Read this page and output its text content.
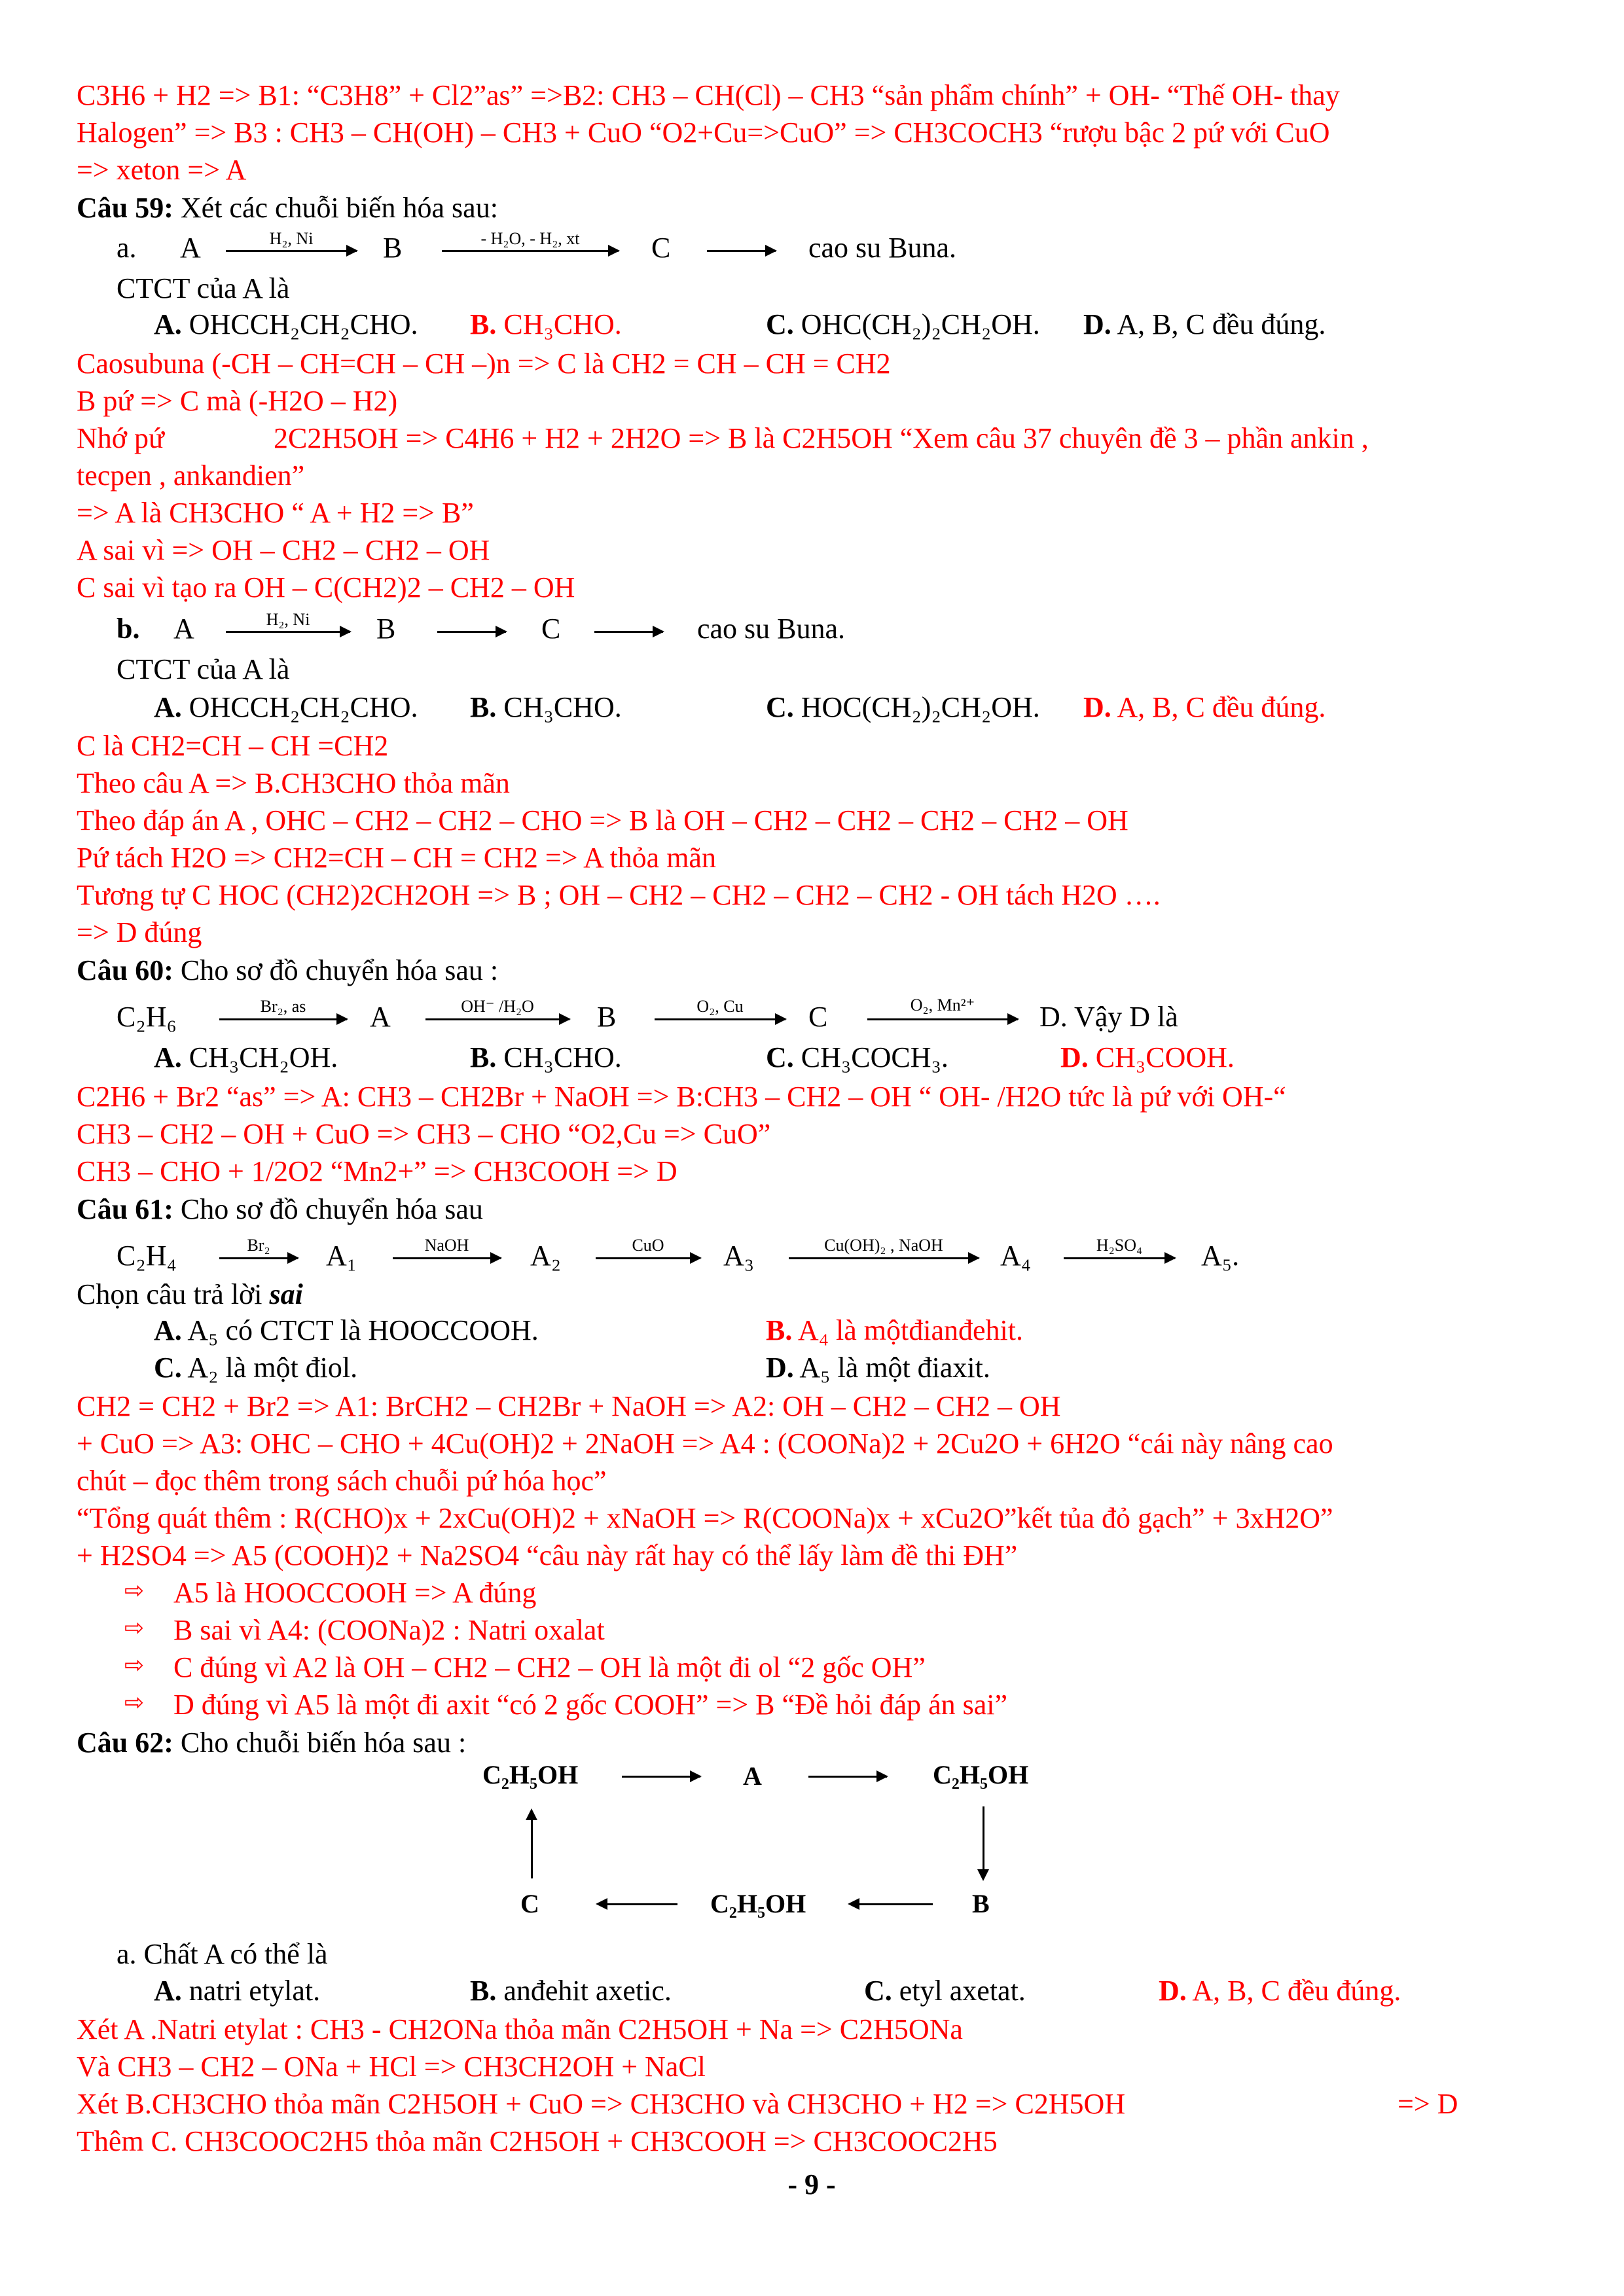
C3H6 + H2 => B1: “C3H8” + Cl2”as” =>B2: CH3 – CH(Cl) – CH3 “sản phẩm chính” + OH- “Thế OH- thay
Halogen” => B3 : CH3 – CH(OH) – CH3 + CuO “O2+Cu=>CuO” => CH3COCH3 “rượu bậc 2 pứ với CuO
=> xeton => A
Câu 59: Xét các chuỗi biến hóa sau:
a. A	H₂, Ni	B	- H₂O, - H₂, xt	C	cao su Buna.
CTCT của A là
A. OHCCH₂CH₂CHO. B. CH₃CHO.	C. OHC(CH₂)₂CH₂OH. D. A, B, C đều đúng.
Caosubuna (-CH – CH=CH – CH –)n => C là CH2 = CH – CH = CH2
B pứ => C mà (-H2O – H2)
Nhớ pứ	2C2H5OH => C4H6 + H2 + 2H2O => B là C2H5OH “Xem câu 37 chuyên đề 3 – phần ankin ,
tecpen , ankandien”
=> A là CH3CHO “ A + H2 => B”
A sai vì => OH – CH2 – CH2 – OH
C sai vì tạo ra OH – C(CH2)2 – CH2 – OH
b. A	H₂, Ni	B	C	cao su Buna.
CTCT của A là
A. OHCCH₂CH₂CHO. B. CH₃CHO.	C. HOC(CH₂)₂CH₂OH. D. A, B, C đều đúng.
C là CH2=CH – CH =CH2
Theo câu A => B.CH3CHO thỏa mãn
Theo đáp án A , OHC – CH2 – CH2 – CHO => B là OH – CH2 – CH2 – CH2 – CH2 – OH
Pứ tách H2O => CH2=CH – CH = CH2 => A thỏa mãn
Tương tự C HOC (CH2)2CH2OH => B ; OH – CH2 – CH2 – CH2 – CH2 - OH tách H2O ….
=> D đúng
Câu 60: Cho sơ đồ chuyển hóa sau :
C₂H₆	Br₂, as	A	OH⁻ /H₂O	B	O₂, Cu	C	O₂, Mn²⁺	D. Vậy D là
A. CH₃CH₂OH.	B. CH₃CHO.	C. CH₃COCH₃.	D. CH₃COOH.
C2H6 + Br2 “as” => A: CH3 – CH2Br + NaOH => B:CH3 – CH2 – OH “ OH- /H2O tức là pứ với OH-“
CH3 – CH2 – OH + CuO => CH3 – CHO “O2,Cu => CuO”
CH3 – CHO + 1/2O2 “Mn2+” => CH3COOH => D
Câu 61: Cho sơ đồ chuyển hóa sau
C₂H₄	Br₂	A₁	NaOH	A₂	CuO	A₃	Cu(OH)₂ , NaOH	A₄	H₂SO₄	A₅.
Chọn câu trả lời sai
A. A₅ có CTCT là HOOCCOOH.	B. A₄ là mộtđianđehit.
C. A₂ là một điol.	D. A₅ là một điaxit.
CH2 = CH2 + Br2 => A1: BrCH2 – CH2Br + NaOH => A2: OH – CH2 – CH2 – OH
+ CuO => A3: OHC – CHO + 4Cu(OH)2 + 2NaOH => A4 : (COONa)2 + 2Cu2O + 6H2O “cái này nâng cao
chút – đọc thêm trong sách chuỗi pứ hóa học”
“Tổng quát thêm : R(CHO)x + 2xCu(OH)2 + xNaOH => R(COONa)x + xCu2O”kết tủa đỏ gạch” + 3xH2O”
+ H2SO4 => A5 (COOH)2 + Na2SO4 “câu này rất hay có thể lấy làm đề thi ĐH”
⇨ A5 là HOOCCOOH => A đúng
⇨ B sai vì A4: (COONa)2 : Natri oxalat
⇨ C đúng vì A2 là OH – CH2 – CH2 – OH là một đi ol “2 gốc OH”
⇨ D đúng vì A5 là một đi axit “có 2 gốc COOH” => B “Đề hỏi đáp án sai”
Câu 62: Cho chuỗi biến hóa sau :
C₂H₅OH	A	C₂H₅OH
B
C₂H₅OH
C
a. Chất A có thể là
A. natri etylat.	B. anđehit axetic.	C. etyl axetat.	D. A, B, C đều đúng.
Xét A .Natri etylat : CH3 - CH2ONa thỏa mãn C2H5OH + Na => C2H5ONa
Và CH3 – CH2 – ONa + HCl => CH3CH2OH + NaCl
Xét B.CH3CHO thỏa mãn C2H5OH + CuO => CH3CHO và CH3CHO + H2 => C2H5OH	=> D
Thêm C. CH3COOC2H5 thỏa mãn C2H5OH + CH3COOH => CH3COOC2H5
- 9 -
